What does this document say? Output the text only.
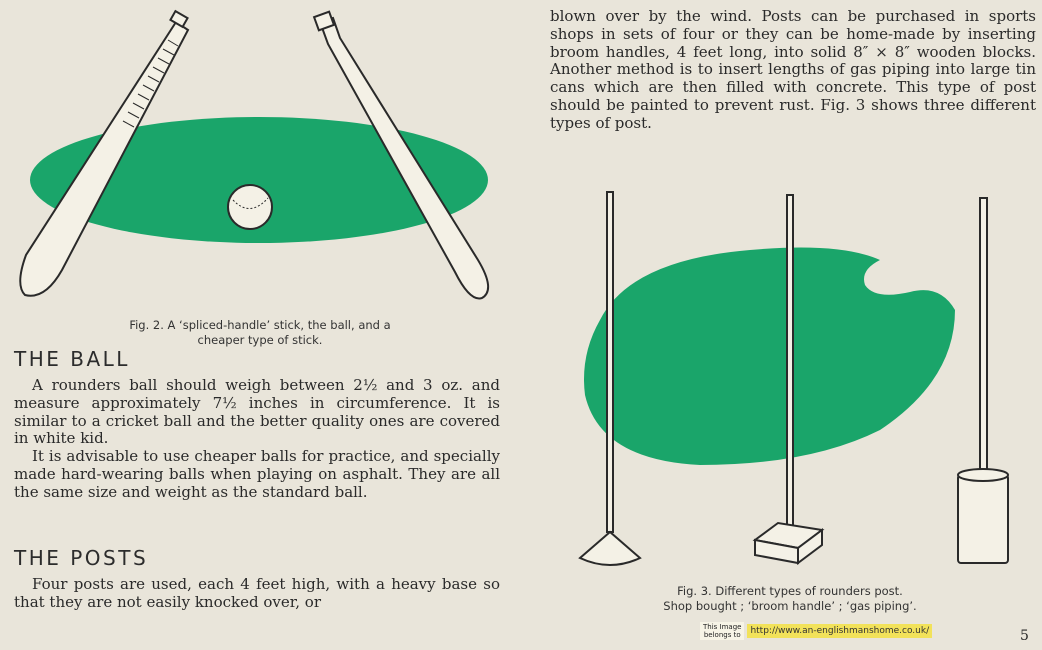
Fig. 2. A ‘spliced-handle’ stick, the ball, and a
cheaper type of stick.
THE BALL

A rounders ball should weigh between 2½ and 3 oz. and measure approximately 7½ inches in circumference. It is similar to a cricket ball and the better quality ones are covered in white kid.

It is advisable to use cheaper balls for practice, and specially made hard-wearing balls when playing on asphalt. They are all the same size and weight as the standard ball.

THE POSTS

Four posts are used, each 4 feet high, with a heavy base so that they are not easily knocked over, or

blown over by the wind. Posts can be purchased in sports shops in sets of four or they can be home-made by inserting broom handles, 4 feet long, into solid 8″ × 8″ wooden blocks. Another method is to insert lengths of gas piping into large tin cans which are then filled with concrete. This type of post should be painted to prevent rust. Fig. 3 shows three different types of post.

Fig. 3. Different types of rounders post.
Shop bought ; ‘broom handle’ ; ‘gas piping’.
This Image
belongs to	http://www.an-englishmanshome.co.uk/	5
